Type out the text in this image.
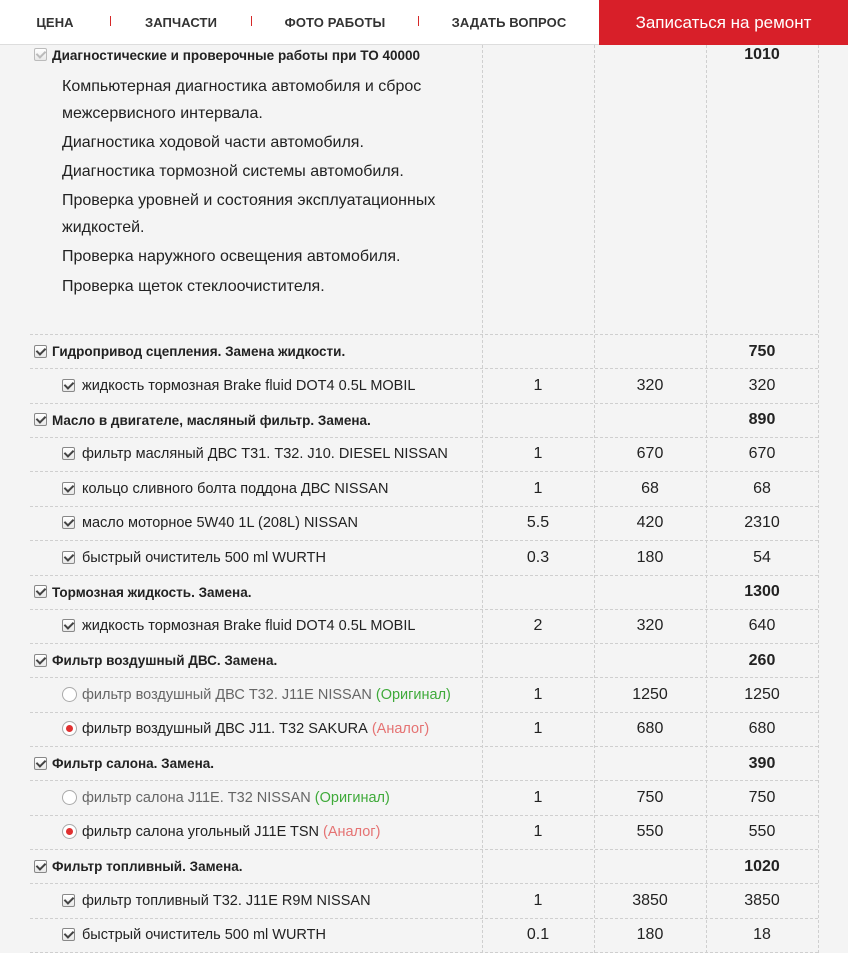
ЦЕНА	ЗАПЧАСТИ	ФОТО РАБОТЫ	ЗАДАТЬ ВОПРОС	Записаться на ремонт
Диагностические и проверочные работы при ТО 40000	1010
Компьютерная диагностика автомобиля и сброс межсервисного интервала.
Диагностика ходовой части автомобиля.
Диагностика тормозной системы автомобиля.
Проверка уровней и состояния эксплуатационных жидкостей.
Проверка наружного освещения автомобиля.
Проверка щеток стеклоочистителя.
Гидропривод сцепления. Замена жидкости.	750
жидкость тормозная Brake fluid DOT4 0.5L MOBIL	1	320	320
Масло в двигателе, масляный фильтр. Замена.	890
фильтр масляный ДВС Т31. Т32. J10. DIESEL NISSAN	1	670	670
кольцо сливного болта поддона ДВС NISSAN	1	68	68
масло моторное 5W40 1L (208L) NISSAN	5.5	420	2310
быстрый очиститель 500 ml WURTH	0.3	180	54
Тормозная жидкость. Замена.	1300
жидкость тормозная Brake fluid DOT4 0.5L MOBIL	2	320	640
Фильтр воздушный ДВС. Замена.	260
фильтр воздушный ДВС Т32. J11E NISSAN (Оригинал)	1	1250	1250
фильтр воздушный ДВС J11. Т32 SAKURA (Аналог)	1	680	680
Фильтр салона. Замена.	390
фильтр салона J11E. Т32 NISSAN (Оригинал)	1	750	750
фильтр салона угольный J11E TSN (Аналог)	1	550	550
Фильтр топливный. Замена.	1020
фильтр топливный Т32. J11E R9M NISSAN	1	3850	3850
быстрый очиститель 500 ml WURTH	0.1	180	18
